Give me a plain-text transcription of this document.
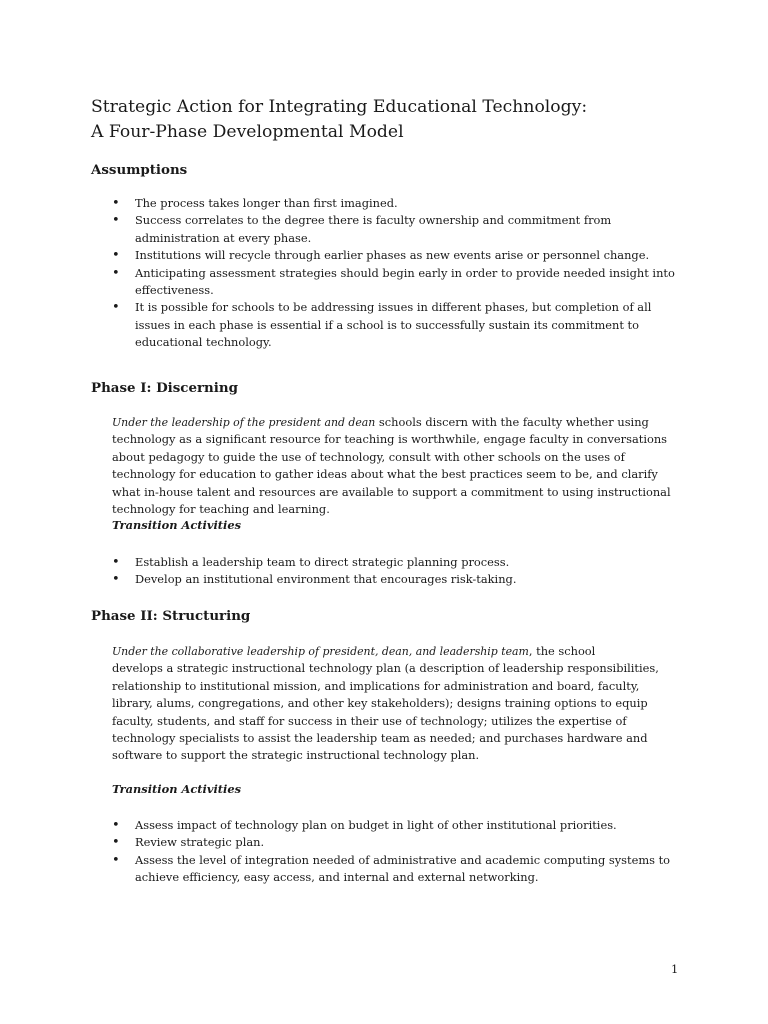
Strategic Action for Integrating Educational Technology:
A Four-Phase Developmental Model
Assumptions
• The process takes longer than first imagined.
• Success correlates to the degree there is faculty ownership and commitment from administration at every phase.
• Institutions will recycle through earlier phases as new events arise or personnel change.
• Anticipating assessment strategies should begin early in order to provide needed insight into effectiveness.
• It is possible for schools to be addressing issues in different phases, but completion of all issues in each phase is essential if a school is to successfully sustain its commitment to educational technology.
Phase I: Discerning

Under the leadership of the president and dean schools discern with the faculty whether using technology as a significant resource for teaching is worthwhile, engage faculty in conversations about pedagogy to guide the use of technology, consult with other schools on the uses of technology for education to gather ideas about what the best practices seem to be, and clarify what in-house talent and resources are available to support a commitment to using instructional technology for teaching and learning.

Transition Activities

• Establish a leadership team to direct strategic planning process.
• Develop an institutional environment that encourages risk-taking.
Phase II: Structuring

Under the collaborative leadership of president, dean, and leadership team, the school
develops a strategic instructional technology plan (a description of leadership responsibilities, relationship to institutional mission, and implications for administration and board, faculty, library, alums, congregations, and other key stakeholders); designs training options to equip faculty, students, and staff for success in their use of technology; utilizes the expertise of technology specialists to assist the leadership team as needed; and purchases hardware and software to support the strategic instructional technology plan.

Transition Activities

• Assess impact of technology plan on budget in light of other institutional priorities.
• Review strategic plan.
• Assess the level of integration needed of administrative and academic computing systems to achieve efficiency, easy access, and internal and external networking.
1
